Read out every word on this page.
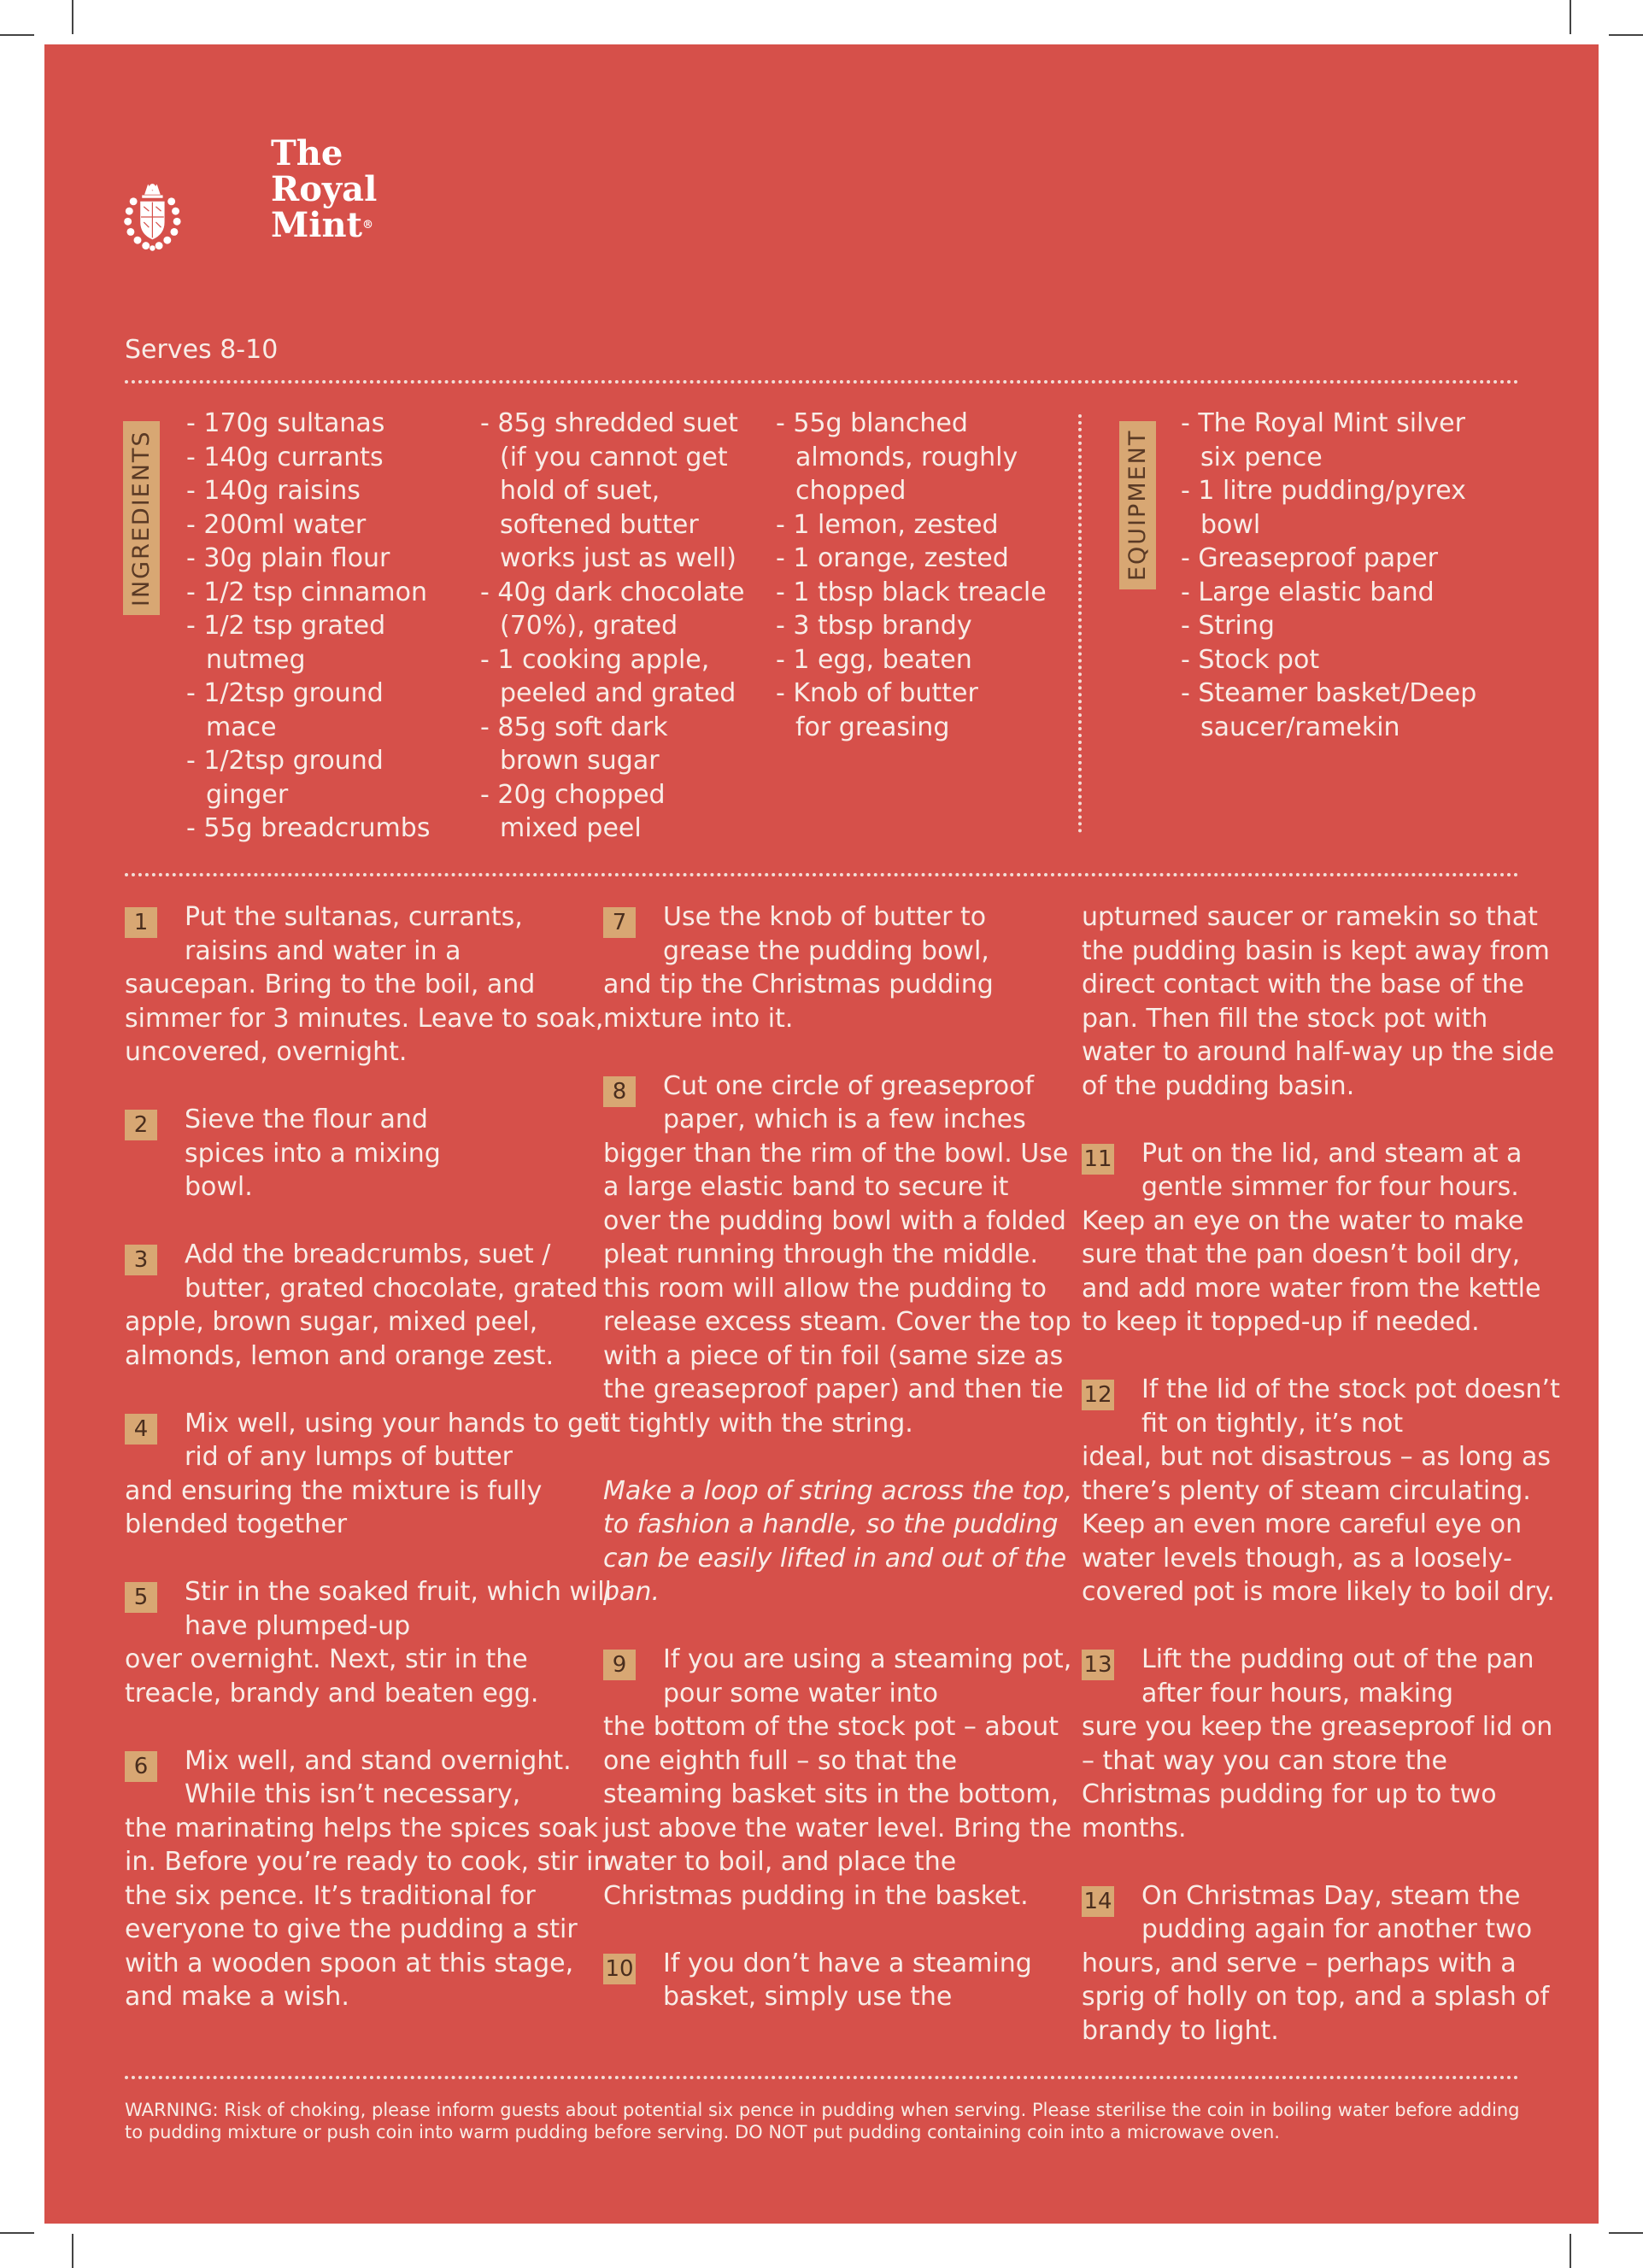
The
Royal
Mint®
Serves 8-10
INGREDIENTS
- 170g sultanas
- 140g currants
- 140g raisins
- 200ml water
- 30g plain flour
- 1/2 tsp cinnamon
- 1/2 tsp grated nutmeg
- 1/2tsp ground mace
- 1/2tsp ground ginger
- 55g breadcrumbs
- 85g shredded suet (if you cannot get hold of suet, softened butter works just as well)
- 40g dark chocolate (70%), grated
- 1 cooking apple, peeled and grated
- 85g soft dark brown sugar
- 20g chopped mixed peel
- 55g blanched almonds, roughly chopped
- 1 lemon, zested
- 1 orange, zested
- 1 tbsp black treacle
- 3 tbsp brandy
- 1 egg, beaten
- Knob of butter for greasing
EQUIPMENT
- The Royal Mint silver six pence
- 1 litre pudding/pyrex bowl
- Greaseproof paper
- Large elastic band
- String
- Stock pot
- Steamer basket/Deep saucer/ramekin
1	Put the sultanas, currants, raisins and water in a
saucepan. Bring to the boil, and simmer for 3 minutes. Leave to soak, uncovered, overnight.
2	Sieve the flour and spices into a mixing bowl.
3	Add the breadcrumbs, suet / butter, grated chocolate, grated
apple, brown sugar, mixed peel, almonds, lemon and orange zest.
4	Mix well, using your hands to get rid of any lumps of butter
and ensuring the mixture is fully blended together
5	Stir in the soaked fruit, which will have plumped-up
over overnight. Next, stir in the treacle, brandy and beaten egg.
6	Mix well, and stand overnight. While this isn’t necessary,
the marinating helps the spices soak in. Before you’re ready to cook, stir in the six pence. It’s traditional for everyone to give the pudding a stir with a wooden spoon at this stage, and make a wish.
7	Use the knob of butter to grease the pudding bowl,
and tip the Christmas pudding mixture into it.
8	Cut one circle of greaseproof paper, which is a few inches
bigger than the rim of the bowl. Use a large elastic band to secure it over the pudding bowl with a folded pleat running through the middle. this room will allow the pudding to release excess steam. Cover the top with a piece of tin foil (same size as the greaseproof paper) and then tie it tightly with the string.
Make a loop of string across the top, to fashion a handle, so the pudding can be easily lifted in and out of the pan.
9	If you are using a steaming pot, pour some water into
the bottom of the stock pot – about one eighth full – so that the steaming basket sits in the bottom, just above the water level. Bring the water to boil, and place the Christmas pudding in the basket.
10	If you don’t have a steaming basket, simply use the
upturned saucer or ramekin so that the pudding basin is kept away from direct contact with the base of the pan. Then fill the stock pot with water to around half-way up the side of the pudding basin.
11	Put on the lid, and steam at a gentle simmer for four hours.
Keep an eye on the water to make sure that the pan doesn’t boil dry, and add more water from the kettle to keep it topped-up if needed.
12	If the lid of the stock pot doesn’t fit on tightly, it’s not
ideal, but not disastrous – as long as there’s plenty of steam circulating. Keep an even more careful eye on water levels though, as a loosely-covered pot is more likely to boil dry.
13	Lift the pudding out of the pan after four hours, making
sure you keep the greaseproof lid on – that way you can store the Christmas pudding for up to two months.
14	On Christmas Day, steam the pudding again for another two
hours, and serve – perhaps with a sprig of holly on top, and a splash of brandy to light.
WARNING: Risk of choking, please inform guests about potential six pence in pudding when serving. Please sterilise the coin in boiling water before adding to pudding mixture or push coin into warm pudding before serving. DO NOT put pudding containing coin into a microwave oven.
